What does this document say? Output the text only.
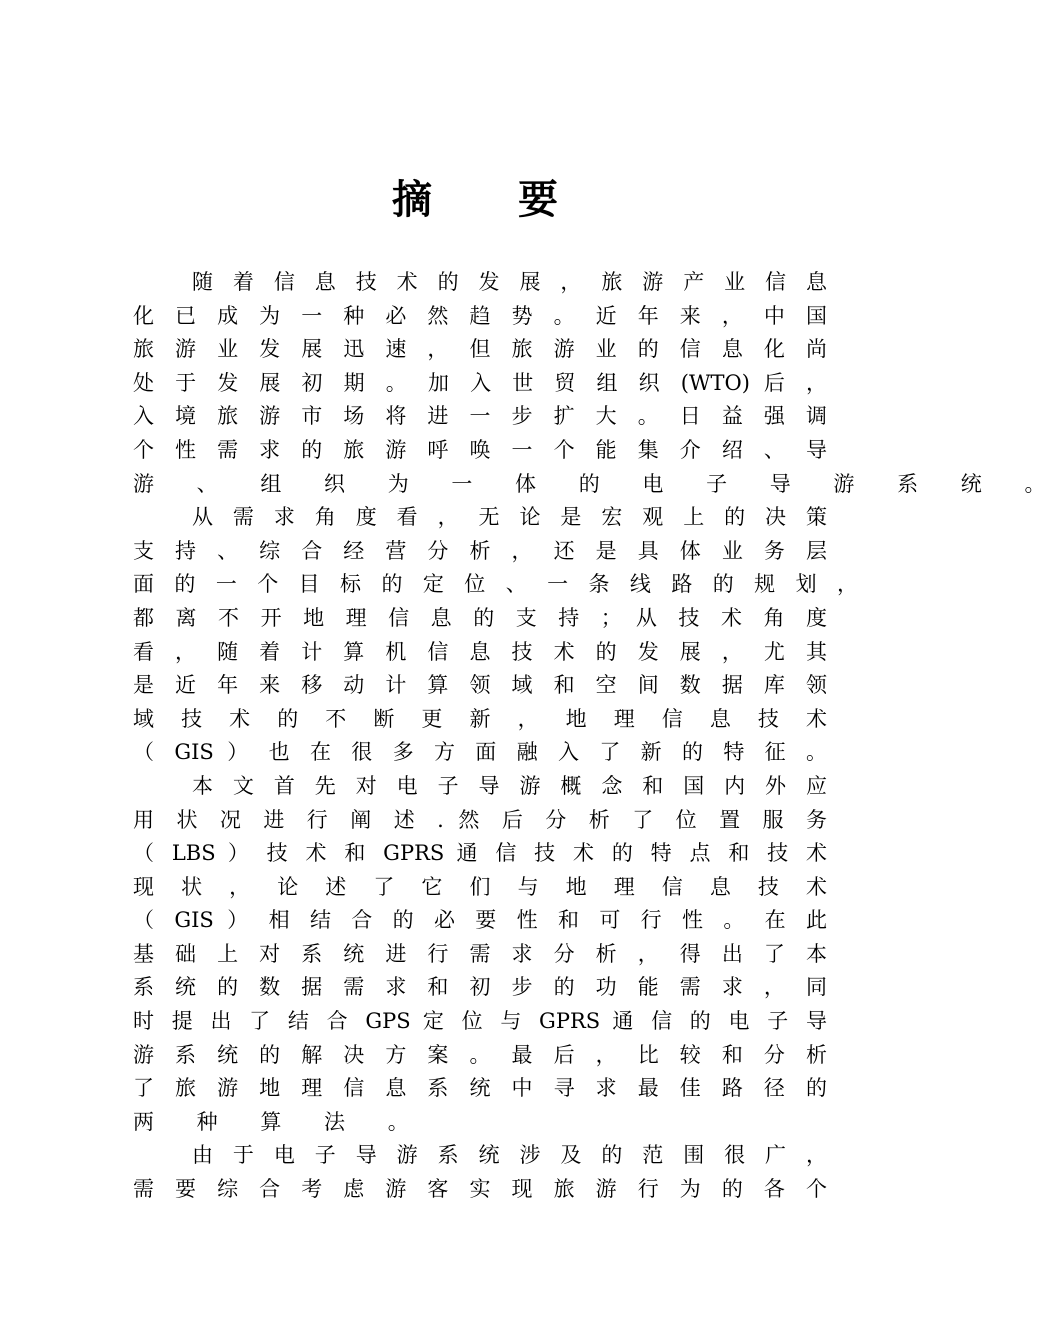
摘 要
随 着 信 息 技 术 的 发 展 ， 旅 游 产 业 信 息
化 已 成 为 一 种 必 然 趋 势 。 近 年 来 ， 中 国
旅 游 业 发 展 迅 速 ， 但 旅 游 业 的 信 息 化 尚
处 于 发 展 初 期 。 加 入 世 贸 组 织 (WTO) 后 ，
入 境 旅 游 市 场 将 进 一 步 扩 大 。 日 益 强 调
个 性 需 求 的 旅 游 呼 唤 一 个 能 集 介 绍 、 导
游 、 组 织 为 一 体 的 电 子 导 游 系 统 。
从 需 求 角 度 看 ， 无 论 是 宏 观 上 的 决 策
支 持 、 综 合 经 营 分 析 ， 还 是 具 体 业 务 层
面 的 一 个 目 标 的 定 位 、 一 条 线 路 的 规 划 ，
都 离 不 开 地 理 信 息 的 支 持 ； 从 技 术 角 度
看 ， 随 着 计 算 机 信 息 技 术 的 发 展 ， 尤 其
是 近 年 来 移 动 计 算 领 域 和 空 间 数 据 库 领
域 技 术 的 不 断 更 新 ， 地 理 信 息 技 术
（ GIS ） 也 在 很 多 方 面 融 入 了 新 的 特 征 。
本 文 首 先 对 电 子 导 游 概 念 和 国 内 外 应
用 状 况 进 行 阐 述 . 然 后 分 析 了 位 置 服 务
（ LBS ） 技 术 和 GPRS 通 信 技 术 的 特 点 和 技 术
现 状 ， 论 述 了 它 们 与 地 理 信 息 技 术
（ GIS ） 相 结 合 的 必 要 性 和 可 行 性 。 在 此
基 础 上 对 系 统 进 行 需 求 分 析 ， 得 出 了 本
系 统 的 数 据 需 求 和 初 步 的 功 能 需 求 ， 同
时 提 出 了 结 合 GPS 定 位 与 GPRS 通 信 的 电 子 导
游 系 统 的 解 决 方 案 。 最 后 ， 比 较 和 分 析
了 旅 游 地 理 信 息 系 统 中 寻 求 最 佳 路 径 的
两 种 算 法 。
由 于 电 子 导 游 系 统 涉 及 的 范 围 很 广 ，
需 要 综 合 考 虑 游 客 实 现 旅 游 行 为 的 各 个
